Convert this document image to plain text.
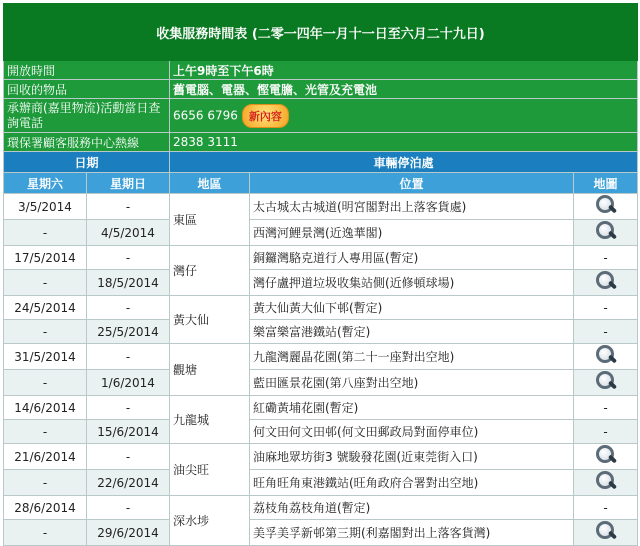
收集服務時間表 (二零一四年一月十一日至六月二十九日)				
開放時間		上午9時至下午6時		
回收的物品		舊電腦、電器、慳電膽、光管及充電池		
承辦商(嘉里物流)活動當日查詢電話		6656 6796 新內容		
環保署顧客服務中心熱線		2838 3111		
日期		車輛停泊處		
星期六	星期日	地區	位置	地圖
3/5/2014	-	東區	太古城太古城道(明宮閣對出上落客貨處)	

-	4/5/2014		西灣河鯉景灣(近逸華閣)	

17/5/2014	-	灣仔	銅鑼灣駱克道行人專用區(暫定)	-
-	18/5/2014		灣仔盧押道垃圾收集站側(近修頓球場)	

24/5/2014	-	黃大仙	黃大仙黃大仙下邨(暫定)	-
-	25/5/2014		樂富樂富港鐵站(暫定)	-
31/5/2014	-	觀塘	九龍灣麗晶花園(第二十一座對出空地)	

-	1/6/2014		藍田匯景花園(第八座對出空地)	

14/6/2014	-	九龍城	紅磡黃埔花園(暫定)	-
-	15/6/2014		何文田何文田邨(何文田郵政局對面停車位)	-
21/6/2014	-	油尖旺	油麻地眾坊街3 號駿發花園(近東莞街入口)	

-	22/6/2014		旺角旺角東港鐵站(旺角政府合署對出空地)	

28/6/2014	-	深水埗	荔枝角荔枝角道(暫定)	-
-	29/6/2014		美孚美孚新邨第三期(利嘉閣對出上落客貨灣)	
